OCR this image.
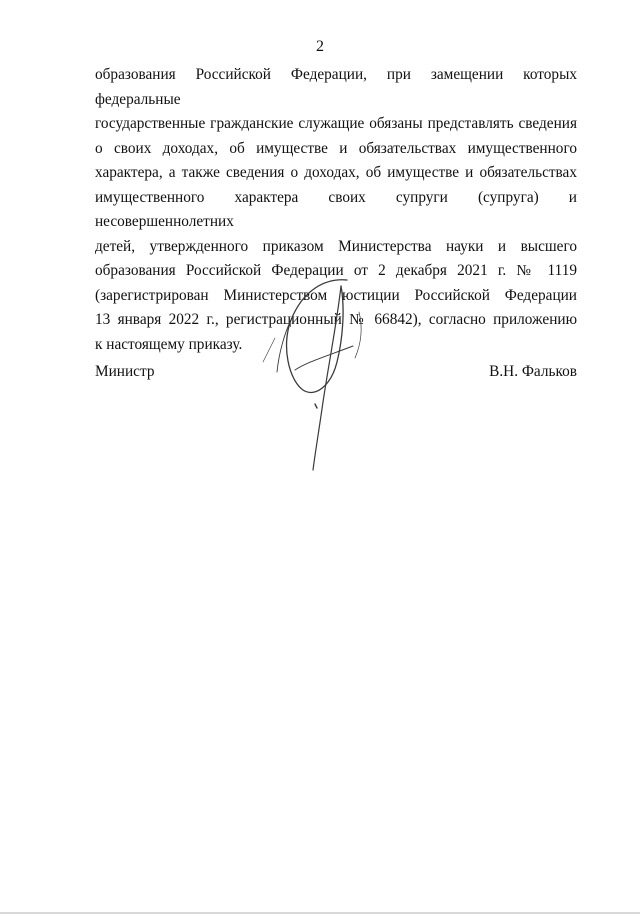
2
образования Российской Федерации, при замещении которых федеральные
государственные гражданские служащие обязаны представлять сведения
о своих доходах, об имуществе и обязательствах имущественного
характера, а также сведения о доходах, об имуществе и обязательствах
имущественного характера своих супруги (супруга) и несовершеннолетних
детей, утвержденного приказом Министерства науки и высшего
образования Российской Федерации от 2 декабря 2021 г. № 1119
(зарегистрирован Министерством юстиции Российской Федерации
13 января 2022 г., регистрационный № 66842), согласно приложению
к настоящему приказу.
Министр	В.Н. Фальков
